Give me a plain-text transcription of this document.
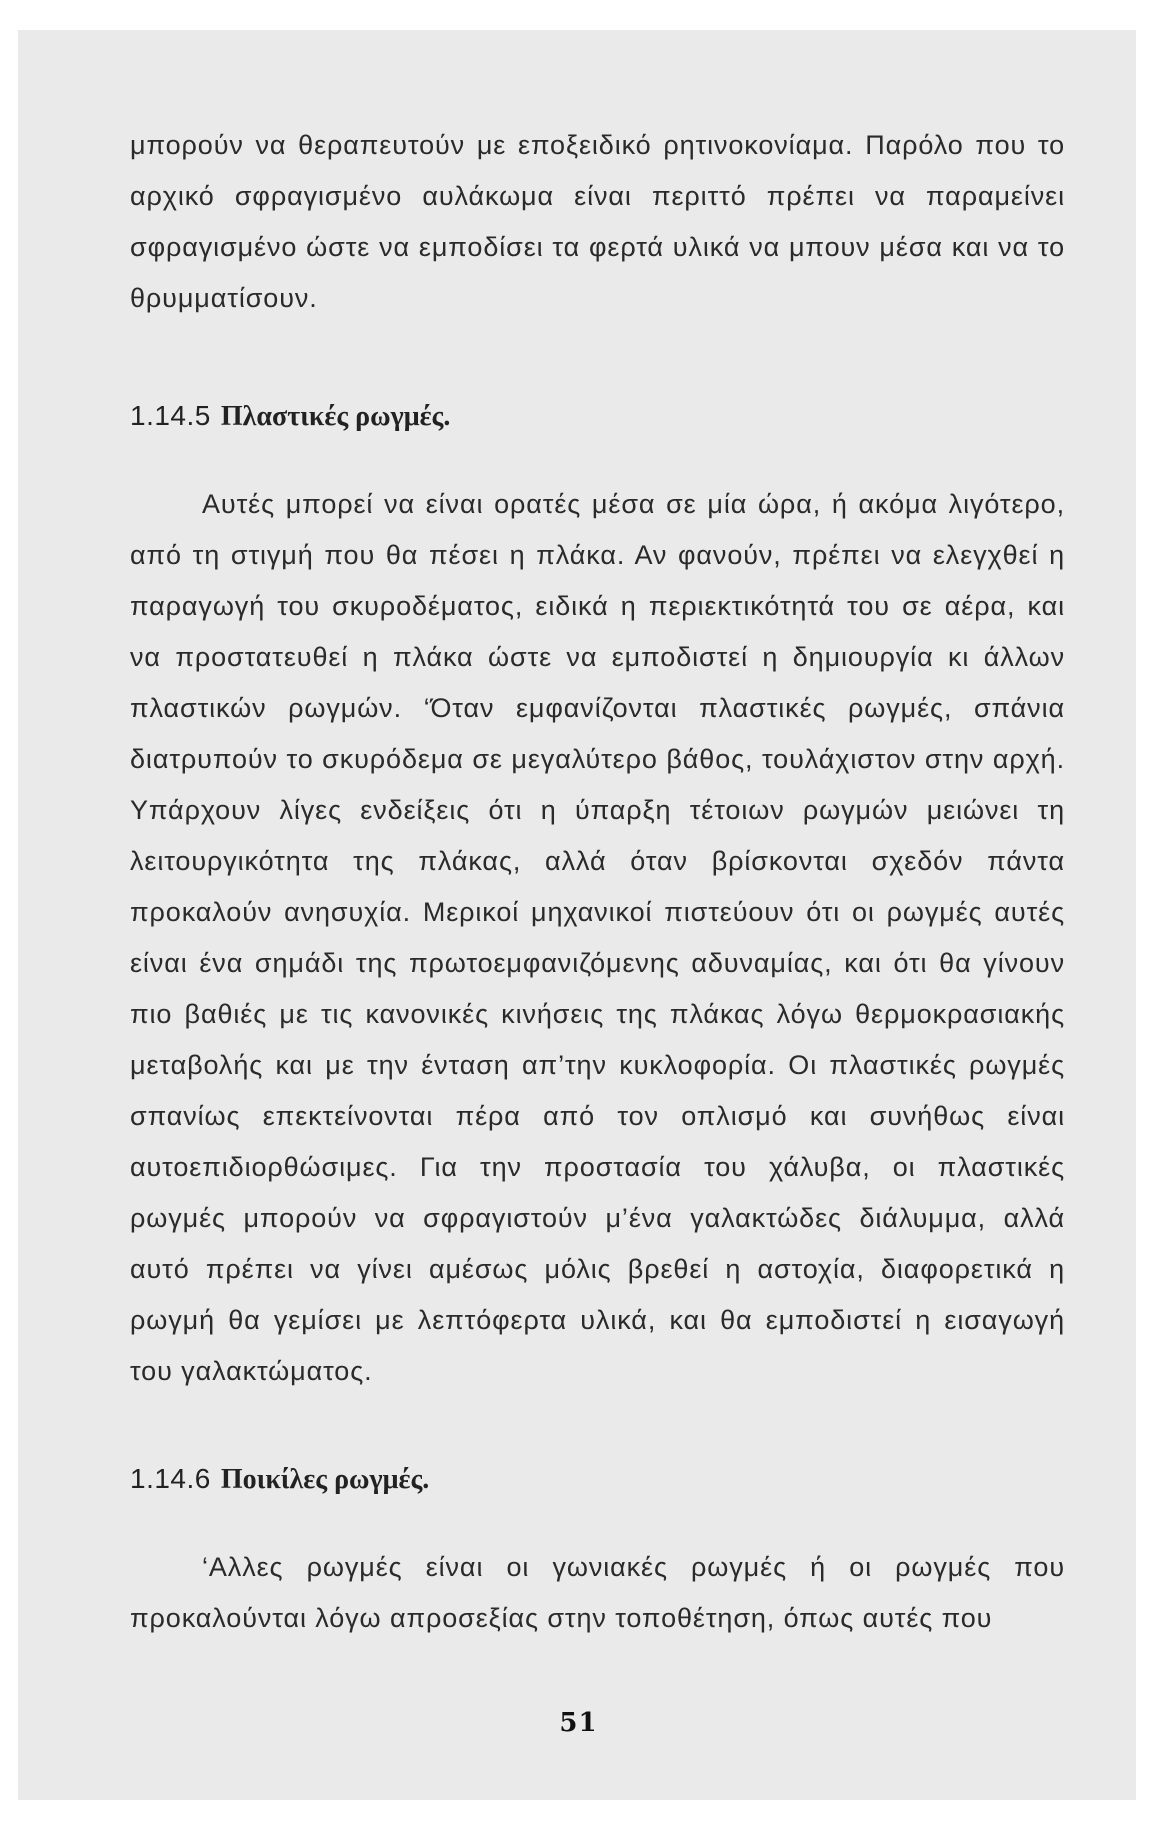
μπορούν να θεραπευτούν με εποξειδικό ρητινοκονίαμα. Παρόλο που το αρχικό σφραγισμένο αυλάκωμα είναι περιττό πρέπει να παραμείνει σφραγισμένο ώστε να εμποδίσει τα φερτά υλικά να μπουν μέσα και να το θρυμματίσουν.

1.14.5 Πλαστικές ρωγμές.

Αυτές μπορεί να είναι ορατές μέσα σε μία ώρα, ή ακόμα λιγότερο, από τη στιγμή που θα πέσει η πλάκα. Αν φανούν, πρέπει να ελεγχθεί η παραγωγή του σκυροδέματος, ειδικά η περιεκτικότητά του σε αέρα, και να προστατευθεί η πλάκα ώστε να εμποδιστεί η δημιουργία κι άλλων πλαστικών ρωγμών. ‘Όταν εμφανίζονται πλαστικές ρωγμές, σπάνια διατρυπούν το σκυρόδεμα σε μεγαλύτερο βάθος, τουλάχιστον στην αρχή. Υπάρχουν λίγες ενδείξεις ότι η ύπαρξη τέτοιων ρωγμών μειώνει τη λειτουργικότητα της πλάκας, αλλά όταν βρίσκονται σχεδόν πάντα προκαλούν ανησυχία. Μερικοί μηχανικοί πιστεύουν ότι οι ρωγμές αυτές είναι ένα σημάδι της πρωτοεμφανιζόμενης αδυναμίας, και ότι θα γίνουν πιο βαθιές με τις κανονικές κινήσεις της πλάκας λόγω θερμοκρασιακής μεταβολής και με την ένταση απ’την κυκλοφορία. Οι πλαστικές ρωγμές σπανίως επεκτείνονται πέρα από τον οπλισμό και συνήθως είναι αυτοεπιδιορθώσιμες. Για την προστασία του χάλυβα, οι πλαστικές ρωγμές μπορούν να σφραγιστούν μ’ένα γαλακτώδες διάλυμμα, αλλά αυτό πρέπει να γίνει αμέσως μόλις βρεθεί η αστοχία, διαφορετικά η ρωγμή θα γεμίσει με λεπτόφερτα υλικά, και θα εμποδιστεί η εισαγωγή του γαλακτώματος.

1.14.6 Ποικίλες ρωγμές.

‘Αλλες ρωγμές είναι οι γωνιακές ρωγμές ή οι ρωγμές που προκαλούνται λόγω απροσεξίας στην τοποθέτηση, όπως αυτές που

51
